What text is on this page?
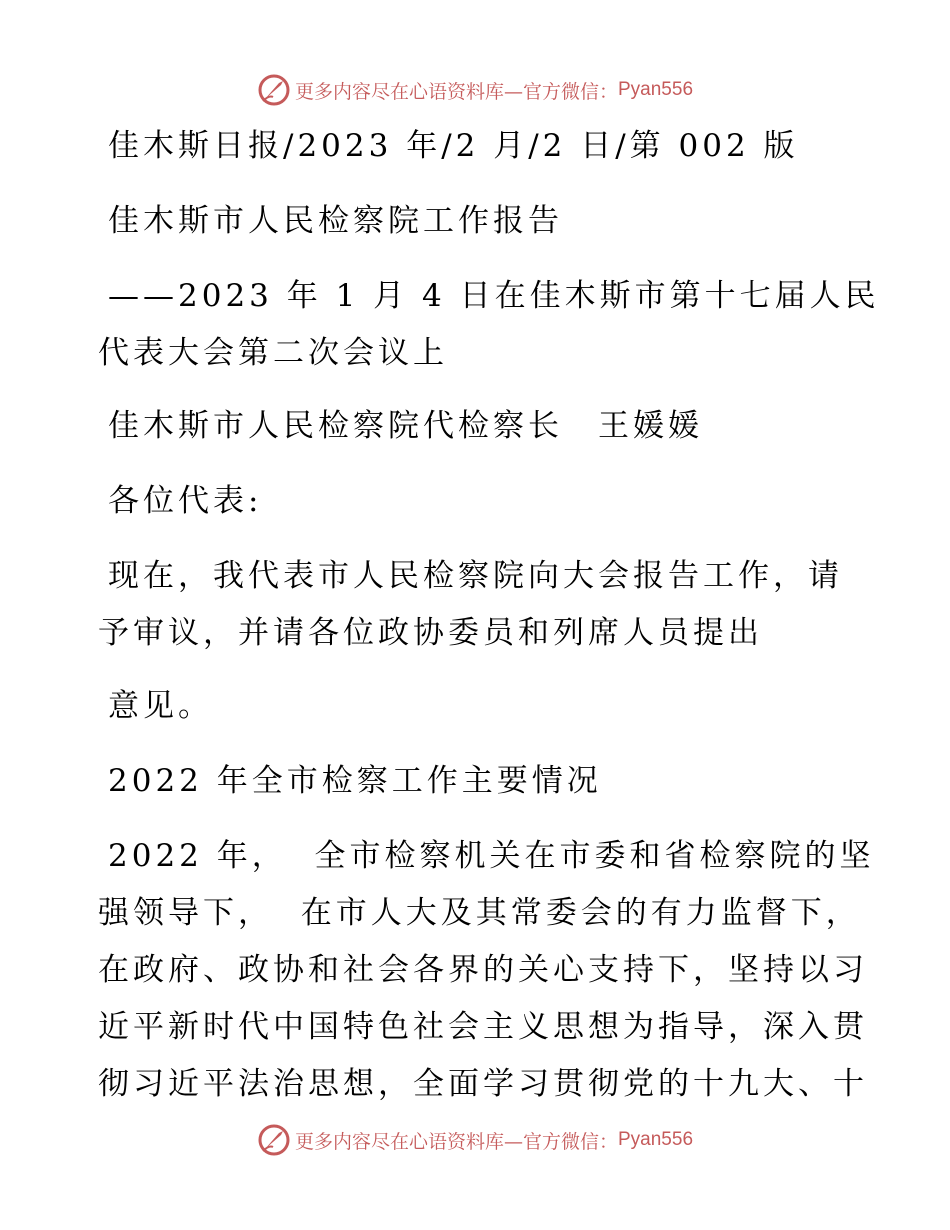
更多内容尽在心语资料库—官方微信： Pyan556

佳木斯日报/2023 年/2 月/2 日/第 002 版

佳木斯市人民检察院工作报告

——2023 年 1 月 4 日在佳木斯市第十七届人民

代表大会第二次会议上

佳木斯市人民检察院代检察长　王媛媛

各位代表:

现在，我代表市人民检察院向大会报告工作，请

予审议，并请各位政协委员和列席人员提出

意见。

2022 年全市检察工作主要情况

2022 年，  全市检察机关在市委和省检察院的坚

强领导下，  在市人大及其常委会的有力监督下，

在政府、政协和社会各界的关心支持下，坚持以习

近平新时代中国特色社会主义思想为指导，深入贯

彻习近平法治思想，全面学习贯彻党的十九大、十

更多内容尽在心语资料库—官方微信： Pyan556
